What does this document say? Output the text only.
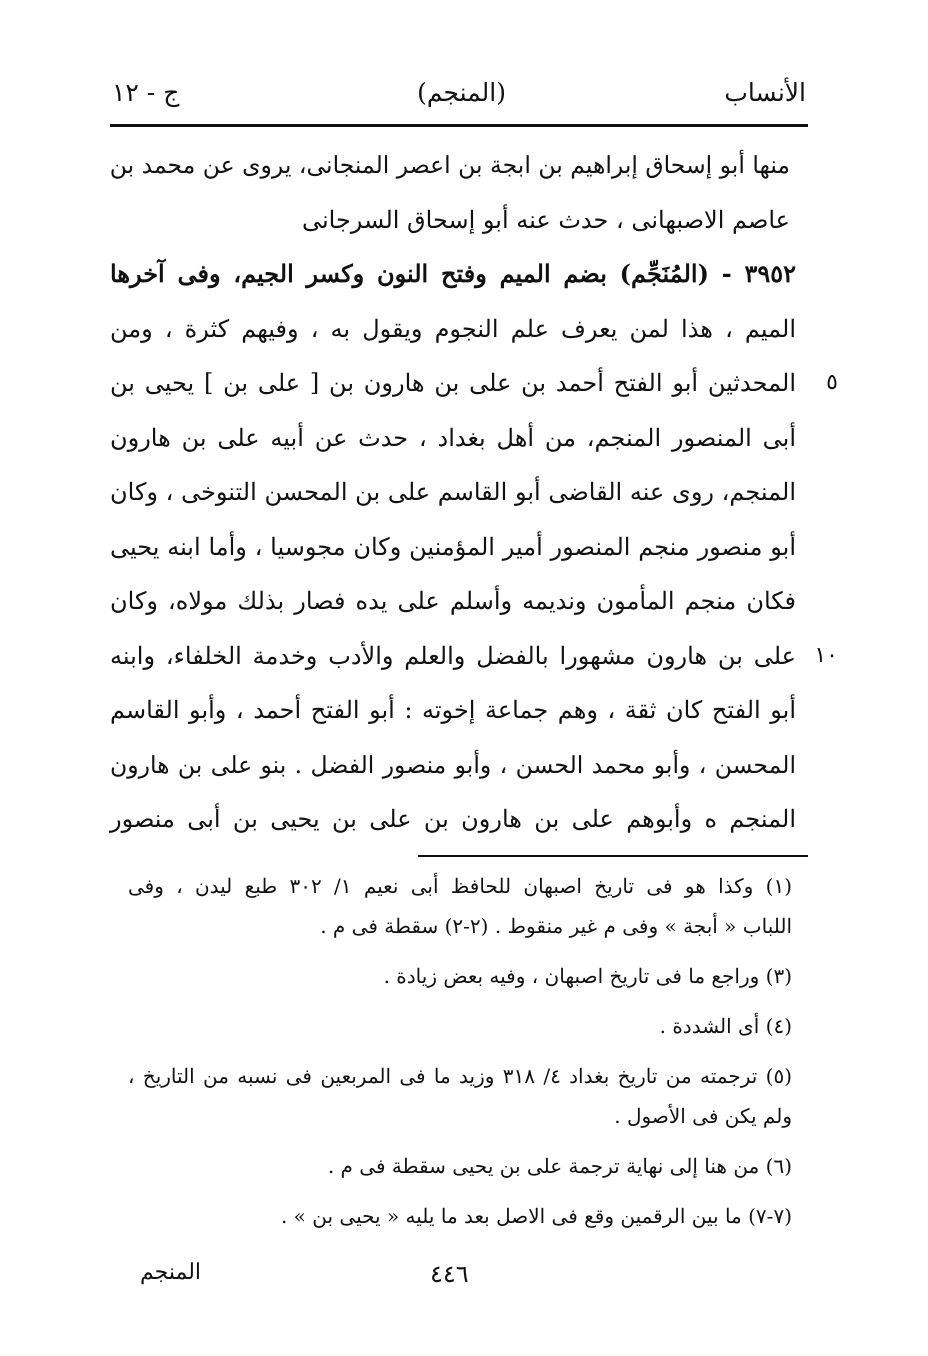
الأنساب
(المنجم)
ج - ١٢
منها أبو إسحاق إبراهيم بن ابجة بن اعصر المنجانى، يروى عن محمد بن
عاصم الاصبهانى ، حدث عنه أبو إسحاق السرجانى
٣٩٥٢ - (المُنَجِّم) بضم الميم وفتح النون وكسر الجيم، وفى آخرها
الميم ، هذا لمن يعرف علم النجوم ويقول به ، وفيهم كثرة ، ومن
٥
المحدثين أبو الفتح أحمد بن على بن هارون بن [ على بن ] يحيى بن
أبى المنصور المنجم، من أهل بغداد ، حدث عن أبيه على بن هارون
المنجم، روى عنه القاضى أبو القاسم على بن المحسن التنوخى ، وكان
أبو منصور منجم المنصور أمير المؤمنين وكان مجوسيا ، وأما ابنه يحيى
فكان منجم المأمون ونديمه وأسلم على يده فصار بذلك مولاه، وكان
١٠
على بن هارون مشهورا بالفضل والعلم والأدب وخدمة الخلفاء، وابنه
أبو الفتح كان ثقة ، وهم جماعة إخوته : أبو الفتح أحمد ، وأبو القاسم
المحسن ، وأبو محمد الحسن ، وأبو منصور الفضل . بنو على بن هارون
المنجم ه وأبوهم على بن هارون بن على بن يحيى بن أبى منصور
(١) وكذا هو فى تاريخ اصبهان للحافظ أبى نعيم ١/ ٣٠٢ طبع ليدن ، وفى
اللباب « أبجة » وفى م غير منقوط . (٢-٢) سقطة فى م .
(٣) وراجع ما فى تاريخ اصبهان ، وفيه بعض زيادة .
(٤) أى الشددة .
(٥) ترجمته من تاريخ بغداد ٤/ ٣١٨ وزيد ما فى المربعين فى نسبه من التاريخ ،
ولم يكن فى الأصول .
(٦) من هنا إلى نهاية ترجمة على بن يحيى سقطة فى م .
(٧-٧) ما بين الرقمين وقع فى الاصل بعد ما يليه « يحيى بن » .
٤٤٦
المنجم
